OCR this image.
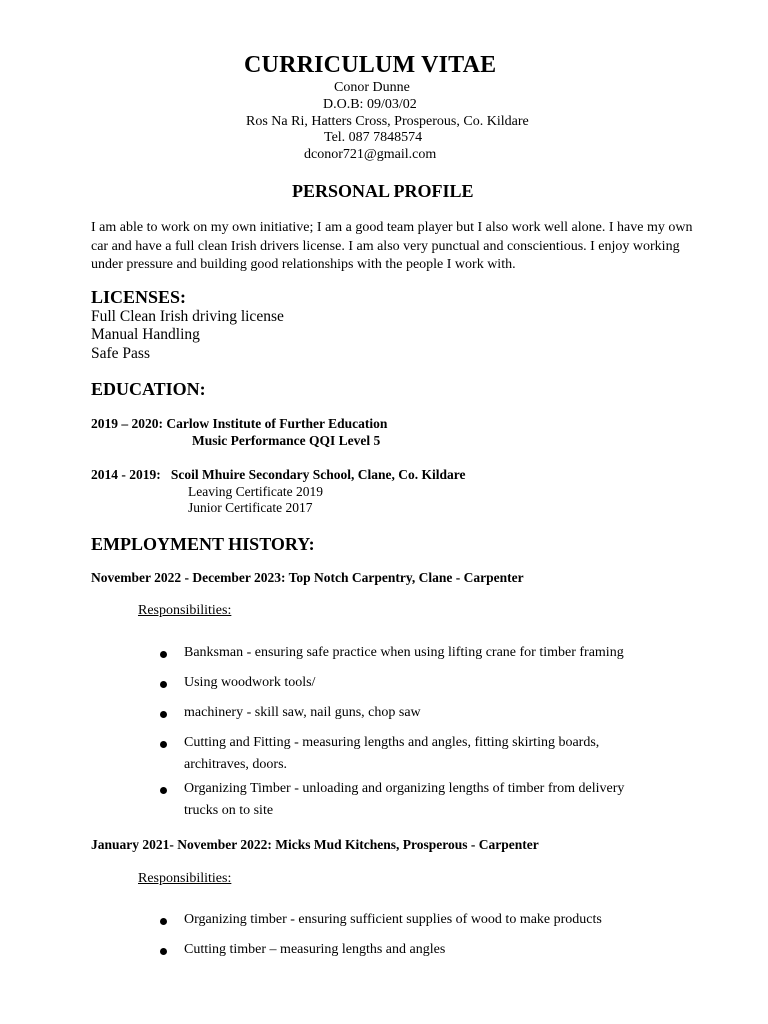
CURRICULUM VITAE
Conor Dunne
D.O.B: 09/03/02
Ros Na Ri, Hatters Cross, Prosperous, Co. Kildare
Tel. 087 7848574
dconor721@gmail.com
PERSONAL PROFILE
I am able to work on my own initiative; I am a good team player but I also work well alone. I have my own car and have a full clean Irish drivers license. I am also very punctual and conscientious. I enjoy working under pressure and building good relationships with the people I work with.
LICENSES:
Full Clean Irish driving license
Manual Handling
Safe Pass
EDUCATION:
2019 – 2020: Carlow Institute of Further Education
Music Performance QQI Level 5
2014 - 2019:   Scoil Mhuire Secondary School, Clane, Co. Kildare
Leaving Certificate 2019
Junior Certificate 2017
EMPLOYMENT HISTORY:
November 2022 - December 2023: Top Notch Carpentry, Clane - Carpenter
Responsibilities:
Banksman - ensuring safe practice when using lifting crane for timber framing
Using woodwork tools/
machinery - skill saw, nail guns, chop saw
Cutting and Fitting - measuring lengths and angles, fitting skirting boards,
architraves, doors.
Organizing Timber - unloading and organizing lengths of timber from delivery
trucks on to site
January 2021- November 2022: Micks Mud Kitchens, Prosperous - Carpenter
Responsibilities:
Organizing timber - ensuring sufficient supplies of wood to make products
Cutting timber – measuring lengths and angles
